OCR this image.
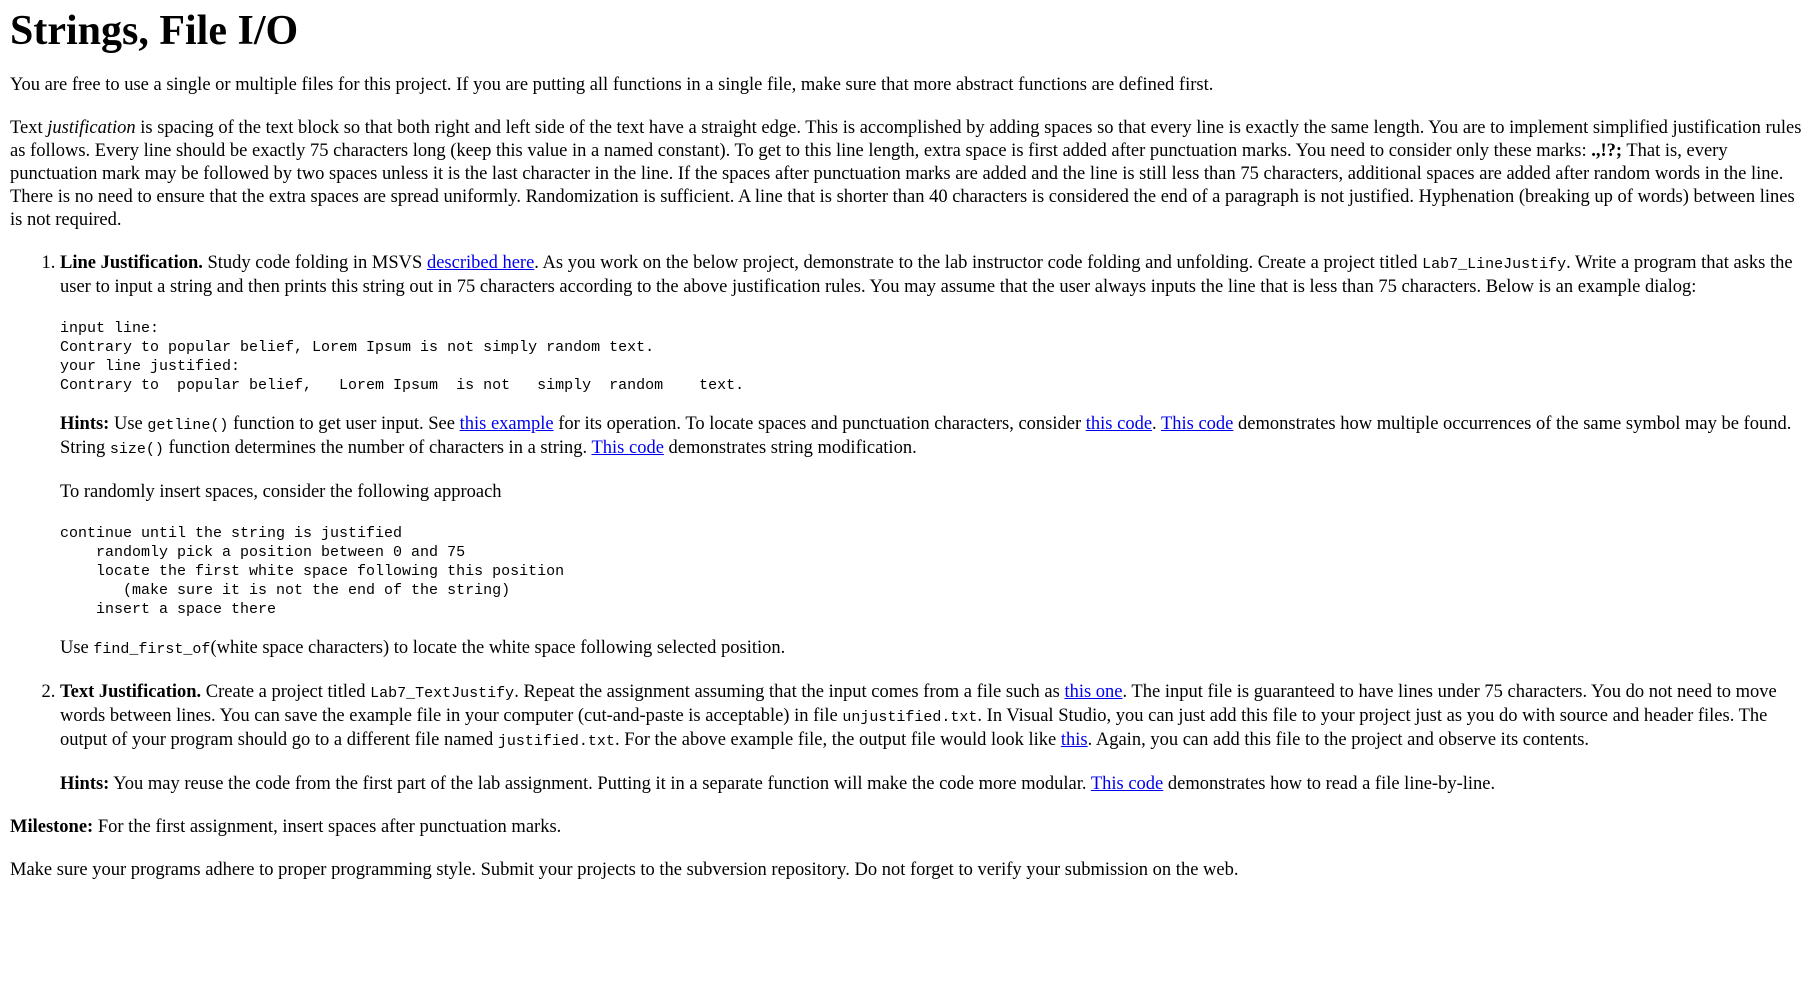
Strings, File I/O

You are free to use a single or multiple files for this project. If you are putting all functions in a single file, make sure that more abstract functions are defined first.

Text justification is spacing of the text block so that both right and left side of the text have a straight edge. This is accomplished by adding spaces so that every line is exactly the same length. You are to implement simplified justification rules as follows. Every line should be exactly 75 characters long (keep this value in a named constant). To get to this line length, extra space is first added after punctuation marks. You need to consider only these marks: .,!?; That is, every punctuation mark may be followed by two spaces unless it is the last character in the line. If the spaces after punctuation marks are added and the line is still less than 75 characters, additional spaces are added after random words in the line. There is no need to ensure that the extra spaces are spread uniformly. Randomization is sufficient. A line that is shorter than 40 characters is considered the end of a paragraph is not justified. Hyphenation (breaking up of words) between lines is not required.

1. Line Justification. Study code folding in MSVS described here. As you work on the below project, demonstrate to the lab instructor code folding and unfolding. Create a project titled Lab7_LineJustify. Write a program that asks the user to input a string and then prints this string out in 75 characters according to the above justification rules. You may assume that the user always inputs the line that is less than 75 characters. Below is an example dialog:

input line:
Contrary to popular belief, Lorem Ipsum is not simply random text.
your line justified:
Contrary to  popular belief,   Lorem Ipsum  is not   simply  random    text.

Hints: Use getline() function to get user input. See this example for its operation. To locate spaces and punctuation characters, consider this code. This code demonstrates how multiple occurrences of the same symbol may be found. String size() function determines the number of characters in a string. This code demonstrates string modification.

To randomly insert spaces, consider the following approach

continue until the string is justified
randomly pick a position between 0 and 75
locate the first white space following this position
(make sure it is not the end of the string)
insert a space there

Use find_first_of(white space characters) to locate the white space following selected position.

2. Text Justification. Create a project titled Lab7_TextJustify. Repeat the assignment assuming that the input comes from a file such as this one. The input file is guaranteed to have lines under 75 characters. You do not need to move words between lines. You can save the example file in your computer (cut-and-paste is acceptable) in file unjustified.txt. In Visual Studio, you can just add this file to your project just as you do with source and header files. The output of your program should go to a different file named justified.txt. For the above example file, the output file would look like this. Again, you can add this file to the project and observe its contents.

Hints: You may reuse the code from the first part of the lab assignment. Putting it in a separate function will make the code more modular. This code demonstrates how to read a file line-by-line.

Milestone: For the first assignment, insert spaces after punctuation marks.

Make sure your programs adhere to proper programming style. Submit your projects to the subversion repository. Do not forget to verify your submission on the web.
